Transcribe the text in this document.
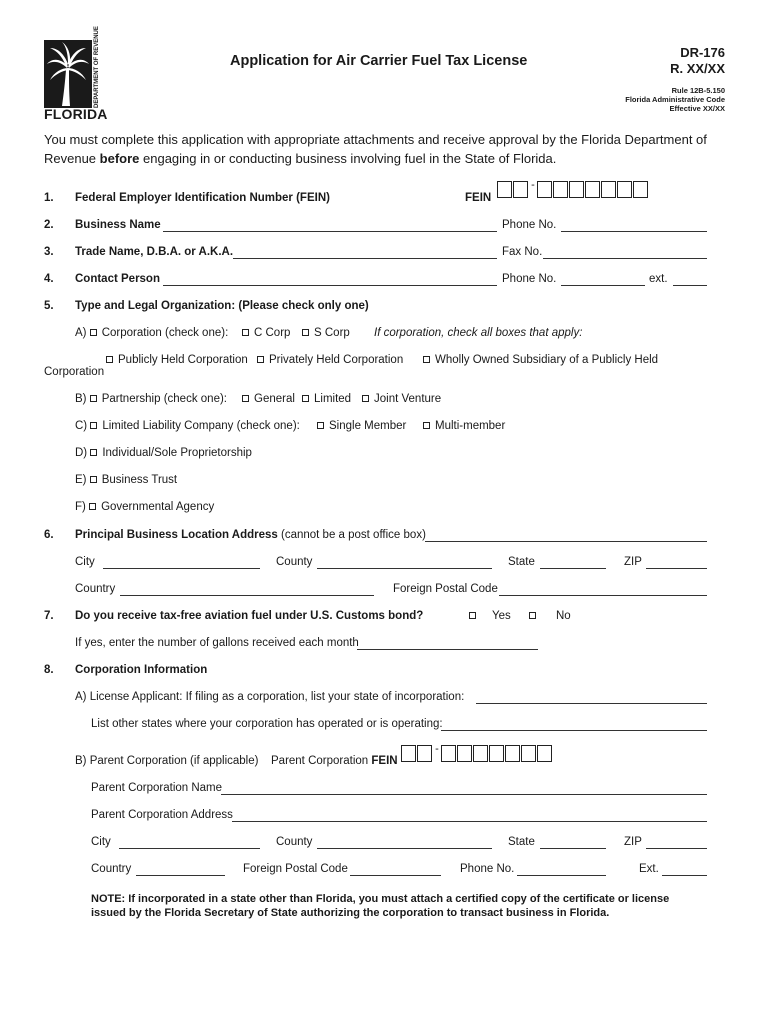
DEPARTMENT OF REVENUE
FLORIDA
Application for Air Carrier Fuel Tax License
DR-176
R. XX/XX
Rule 12B-5.150
Florida Administrative Code
Effective XX/XX
You must complete this application with appropriate attachments and receive approval by the Florida Department of
Revenue before engaging in or conducting business involving fuel in the State of Florida.
1. Federal Employer Identification Number (FEIN)	FEIN
-
2. Business Name	Phone No.
3. Trade Name, D.B.A. or A.K.A.	Fax No.
4. Contact Person	Phone No.	ext.
5. Type and Legal Organization: (Please check only one)
A) Corporation (check one):	C Corp	S Corp If corporation, check all boxes that apply:
Publicly Held Corporation	Privately Held Corporation	Wholly Owned Subsidiary of a Publicly Held
Corporation
B) Partnership (check one):	General	Limited	Joint Venture
C) Limited Liability Company (check one):	Single Member	Multi-member
D) Individual/Sole Proprietorship
E) Business Trust
F) Governmental Agency
6. Principal Business Location Address (cannot be a post office box)
City	County	State	ZIP
Country	Foreign Postal Code
7. Do you receive tax-free aviation fuel under U.S. Customs bond?	Yes	No
If yes, enter the number of gallons received each month
8. Corporation Information
A) License Applicant: If filing as a corporation, list your state of incorporation:
List other states where your corporation has operated or is operating:
B) Parent Corporation (if applicable) Parent Corporation FEIN
-
Parent Corporation Name
Parent Corporation Address
City	County	State	ZIP
Country	Foreign Postal Code	Phone No.	Ext.
NOTE: If incorporated in a state other than Florida, you must attach a certified copy of the certificate or license
issued by the Florida Secretary of State authorizing the corporation to transact business in Florida.
